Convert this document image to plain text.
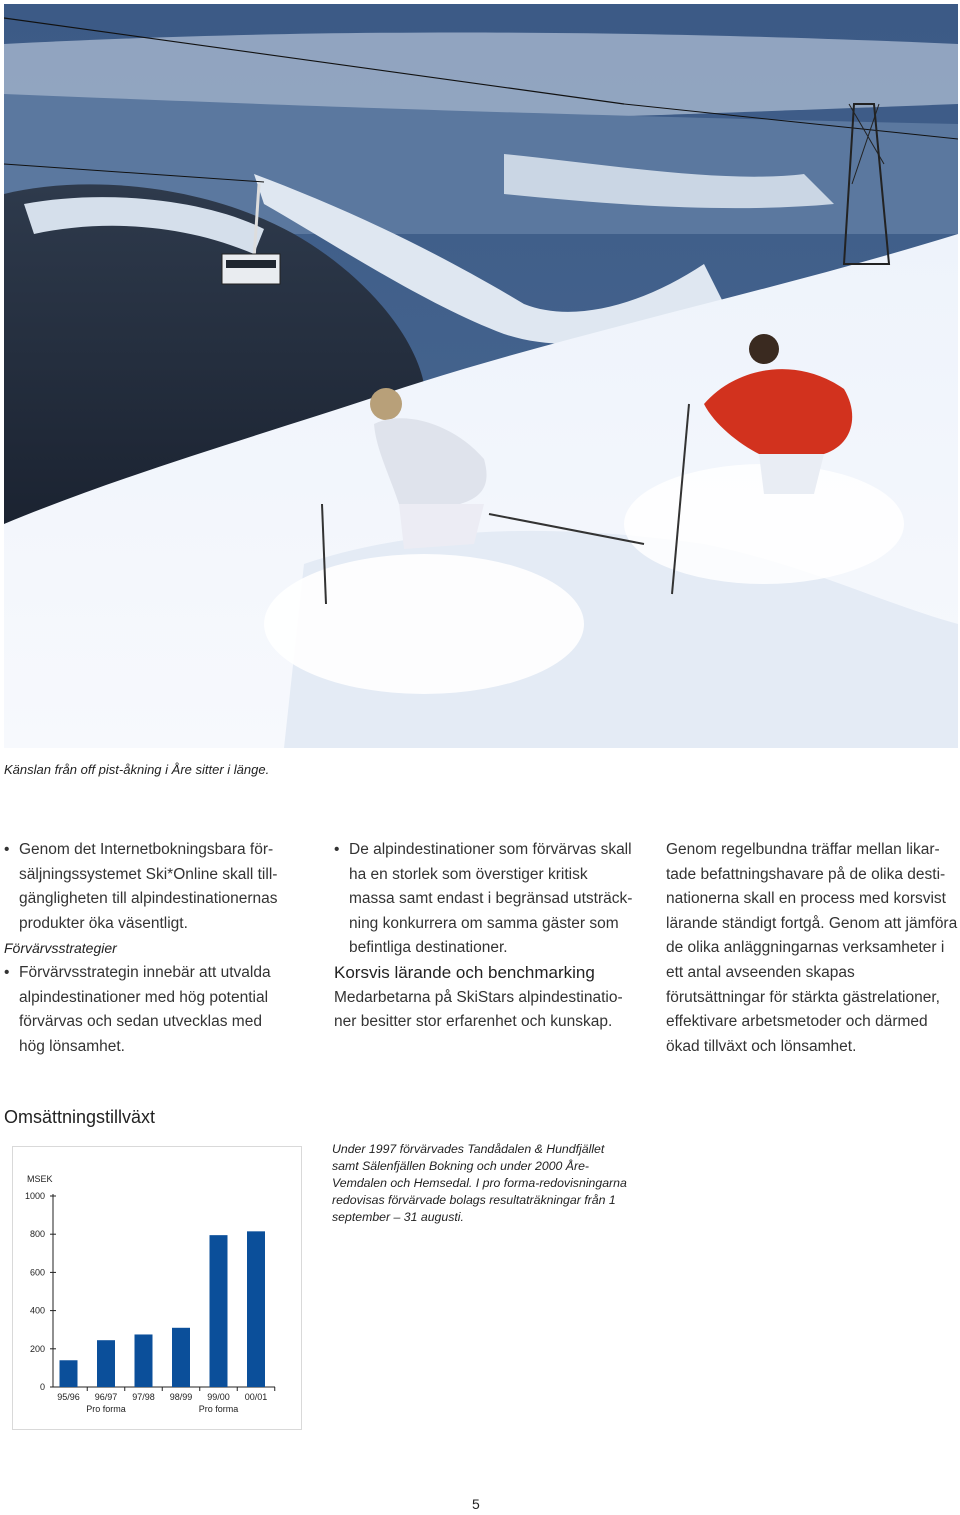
Känslan från off pist-åkning i Åre sitter i länge.

• Genom det Internetbokningsbara för-säljningssystemet Ski*Online skall till-gängligheten till alpindestinationernas produkter öka väsentligt.

Förvärvsstrategier

• Förvärvsstrategin innebär att utvalda alpindestinationer med hög potential förvärvas och sedan utvecklas med hög lönsamhet.

• De alpindestinationer som förvärvas skall ha en storlek som överstiger kritisk massa samt endast i begränsad utsträck-ning konkurrera om samma gäster som befintliga destinationer.

Korsvis lärande och benchmarking

Medarbetarna på SkiStars alpindestinatio-ner besitter stor erfarenhet och kunskap.

Genom regelbundna träffar mellan likar-tade befattningshavare på de olika desti-nationerna skall en process med korsvist lärande ständigt fortgå. Genom att jämföra de olika anläggningarnas verksamheter i ett antal avseenden skapas förutsättningar för stärkta gästrelationer, effektivare arbetsmetoder och därmed ökad tillväxt och lönsamhet.

Omsättningstillväxt
MSEK
0
200
400
600
800
1000
95/96 96/97
Pro forma
97/98 98/99 99/00
Pro forma
00/01
Under 1997 förvärvades Tandådalen & Hundfjället samt Sälenfjällen Bokning och under 2000 Åre-Vemdalen och Hemsedal. I pro forma-redovisningarna redovisas förvärvade bolags resultaträkningar från 1 september – 31 augusti.
5
